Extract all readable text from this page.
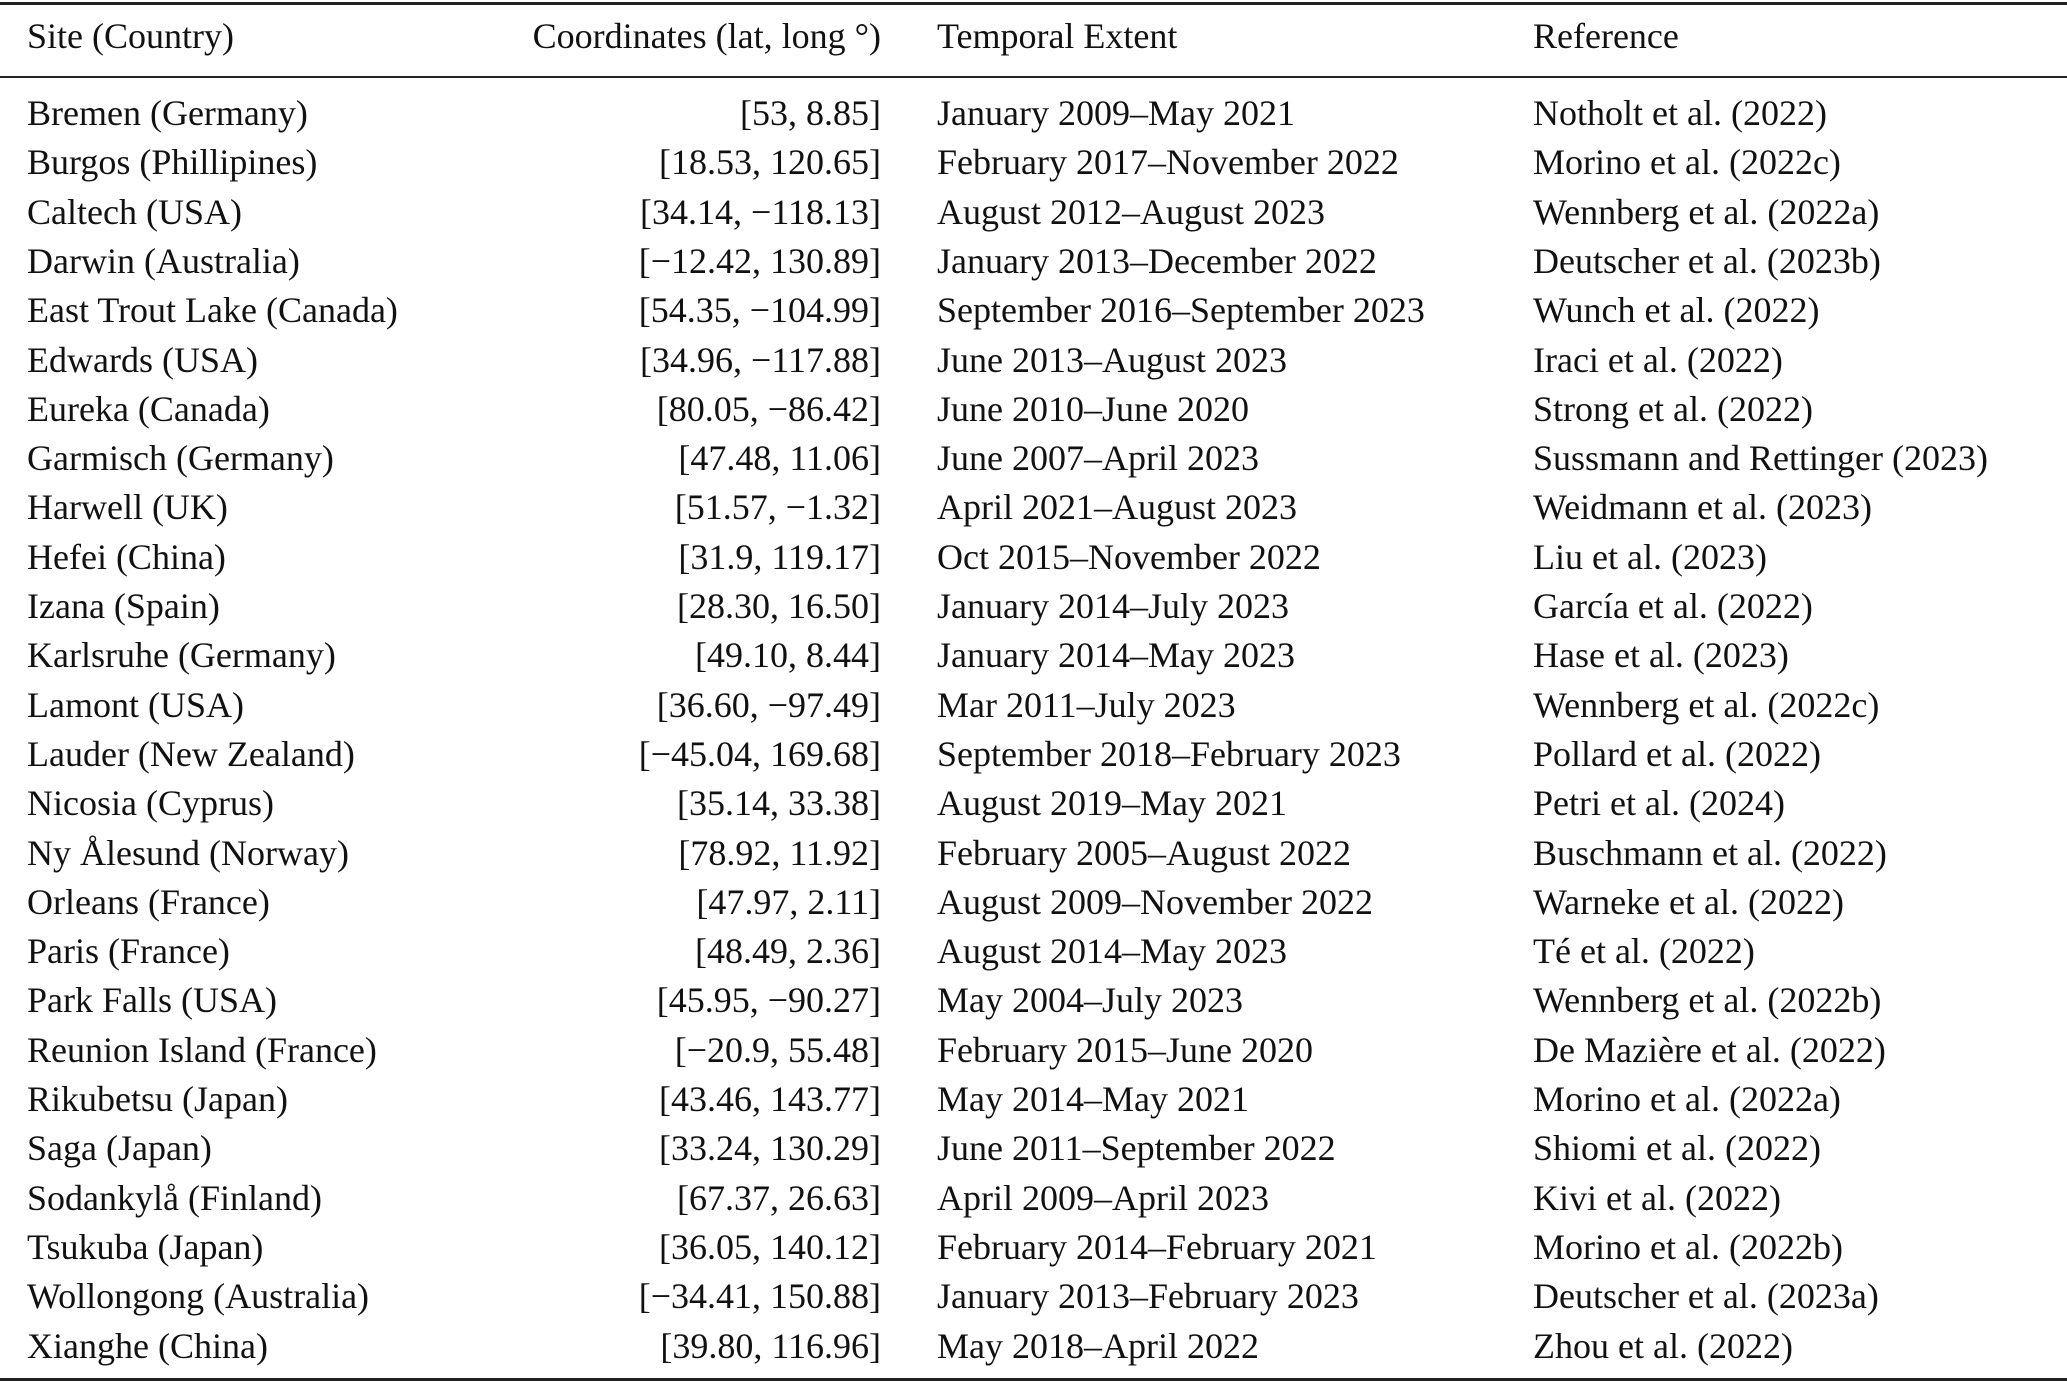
Site (Country)	Coordinates (lat, long °) Temporal Extent	Reference
Bremen (Germany)	[53, 8.85] January 2009–May 2021	Notholt et al. (2022)
Burgos (Phillipines)	[18.53, 120.65] February 2017–November 2022	Morino et al. (2022c)
Caltech (USA)	[34.14, −118.13] August 2012–August 2023	Wennberg et al. (2022a)
Darwin (Australia)	[−12.42, 130.89] January 2013–December 2022	Deutscher et al. (2023b)
East Trout Lake (Canada)	[54.35, −104.99] September 2016–September 2023	Wunch et al. (2022)
Edwards (USA)	[34.96, −117.88] June 2013–August 2023	Iraci et al. (2022)
Eureka (Canada)	[80.05, −86.42] June 2010–June 2020	Strong et al. (2022)
Garmisch (Germany)	[47.48, 11.06] June 2007–April 2023	Sussmann and Rettinger (2023)
Harwell (UK)	[51.57, −1.32] April 2021–August 2023	Weidmann et al. (2023)
Hefei (China)	[31.9, 119.17] Oct 2015–November 2022	Liu et al. (2023)
Izana (Spain)	[28.30, 16.50] January 2014–July 2023	García et al. (2022)
Karlsruhe (Germany)	[49.10, 8.44] January 2014–May 2023	Hase et al. (2023)
Lamont (USA)	[36.60, −97.49] Mar 2011–July 2023	Wennberg et al. (2022c)
Lauder (New Zealand)	[−45.04, 169.68] September 2018–February 2023	Pollard et al. (2022)
Nicosia (Cyprus)	[35.14, 33.38] August 2019–May 2021	Petri et al. (2024)
Ny Ålesund (Norway)	[78.92, 11.92] February 2005–August 2022	Buschmann et al. (2022)
Orleans (France)	[47.97, 2.11] August 2009–November 2022	Warneke et al. (2022)
Paris (France)	[48.49, 2.36] August 2014–May 2023	Té et al. (2022)
Park Falls (USA)	[45.95, −90.27] May 2004–July 2023	Wennberg et al. (2022b)
Reunion Island (France)	[−20.9, 55.48] February 2015–June 2020	De Mazière et al. (2022)
Rikubetsu (Japan)	[43.46, 143.77] May 2014–May 2021	Morino et al. (2022a)
Saga (Japan)	[33.24, 130.29] June 2011–September 2022	Shiomi et al. (2022)
Sodankylå (Finland)	[67.37, 26.63] April 2009–April 2023	Kivi et al. (2022)
Tsukuba (Japan)	[36.05, 140.12] February 2014–February 2021	Morino et al. (2022b)
Wollongong (Australia)	[−34.41, 150.88] January 2013–February 2023	Deutscher et al. (2023a)
Xianghe (China)	[39.80, 116.96] May 2018–April 2022	Zhou et al. (2022)
